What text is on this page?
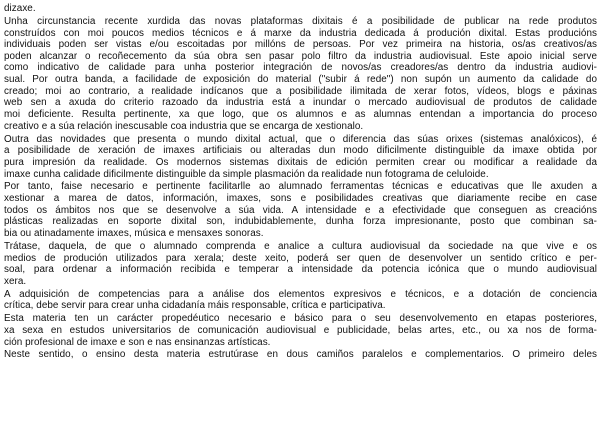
dizaxe.
Unha circunstancia recente xurdida das novas plataformas dixitais é a posibilidade de publicar na rede produtos
construídos con moi poucos medios técnicos e á marxe da industria dedicada á produción dixital. Estas producións
individuais poden ser vistas e/ou escoitadas por millóns de persoas. Por vez primeira na historia, os/as creativos/as
poden alcanzar o recoñecemento da súa obra sen pasar polo filtro da industria audiovisual. Este apoio inicial serve
como indicativo de calidade para unha posterior integración de novos/as creadores/as dentro da industria audiovi-
sual. Por outra banda, a facilidade de exposición do material ("subir á rede") non supón un aumento da calidade do
creado; moi ao contrario, a realidade indícanos que a posibilidade ilimitada de xerar fotos, vídeos, blogs e páxinas
web sen a axuda do criterio razoado da industria está a inundar o mercado audiovisual de produtos de calidade
moi deficiente. Resulta pertinente, xa que logo, que os alumnos e as alumnas entendan a importancia do proceso
creativo e a súa relación inescusable coa industria que se encarga de xestionalo.
Outra das novidades que presenta o mundo dixital actual, que o diferencia das súas orixes (sistemas analóxicos), é
a posibilidade de xeración de imaxes artificiais ou alteradas dun modo dificilmente distinguible da imaxe obtida por
pura impresión da realidade. Os modernos sistemas dixitais de edición permiten crear ou modificar a realidade da
imaxe cunha calidade dificilmente distinguible da simple plasmación da realidade nun fotograma de celuloide.
Por tanto, faise necesario e pertinente facilitarlle ao alumnado ferramentas técnicas e educativas que lle axuden a
xestionar a marea de datos, información, imaxes, sons e posibilidades creativas que diariamente recibe en case
todos os ámbitos nos que se desenvolve a súa vida. A intensidade e a efectividade que conseguen as creacións
plásticas realizadas en soporte dixital son, indubidablemente, dunha forza impresionante, posto que combinan sa-
bia ou atinadamente imaxes, música e mensaxes sonoras.
Trátase, daquela, de que o alumnado comprenda e analice a cultura audiovisual da sociedade na que vive e os
medios de produción utilizados para xerala; deste xeito, poderá ser quen de desenvolver un sentido crítico e per-
soal, para ordenar a información recibida e temperar a intensidade da potencia icónica que o mundo audiovisual
xera.
A adquisición de competencias para a análise dos elementos expresivos e técnicos, e a dotación de conciencia
crítica, debe servir para crear unha cidadanía máis responsable, crítica e participativa.
Esta materia ten un carácter propedéutico necesario e básico para o seu desenvolvemento en etapas posteriores,
xa sexa en estudos universitarios de comunicación audiovisual e publicidade, belas artes, etc., ou xa nos de forma-
ción profesional de imaxe e son e nas ensinanzas artísticas.
Neste sentido, o ensino desta materia estrutúrase en dous camiños paralelos e complementarios. O primeiro deles
